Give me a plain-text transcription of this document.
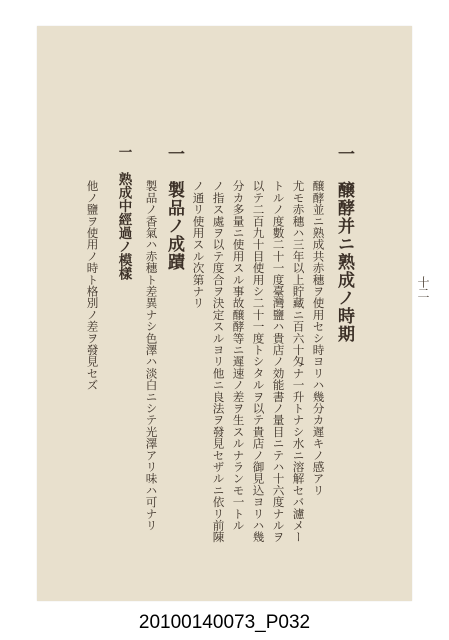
十二
一　醸酵并ニ熟成ノ時期
醸酵並ニ熟成共赤穗ヲ使用セシ時ヨリハ幾分カ遲キノ感アリ
尤モ赤穗ハ三年以上貯藏ニ百六十匁ナ一升トナシ水ニ溶解セバ濾メー
トルノ度數二十一度臺灣鹽ハ貴店ノ効能書ノ量目ニテハ十六度ナルヲ
以テ二百九十目使用シ二十一度トシタルヲ以テ貴店ノ御見込ヨリハ幾
分カ多量ニ使用スル事故醸酵等ニ遲速ノ差ヲ生スルナランモ一トル
ノ指ス處ヲ以テ度合ヲ決定スルヨリ他ニ良法ヲ發見セザルニ依リ前陳
ノ通リ使用スル次第ナリ
一　製品ノ成蹟
製品ノ香氣ハ赤穗ト差異ナシ色澤ハ淡白ニシテ光澤アリ味ハ可ナリ
一　熟成中經過ノ模樣
他ノ鹽ヲ使用ノ時ト格別ノ差ヲ發見セズ
20100140073_P032
